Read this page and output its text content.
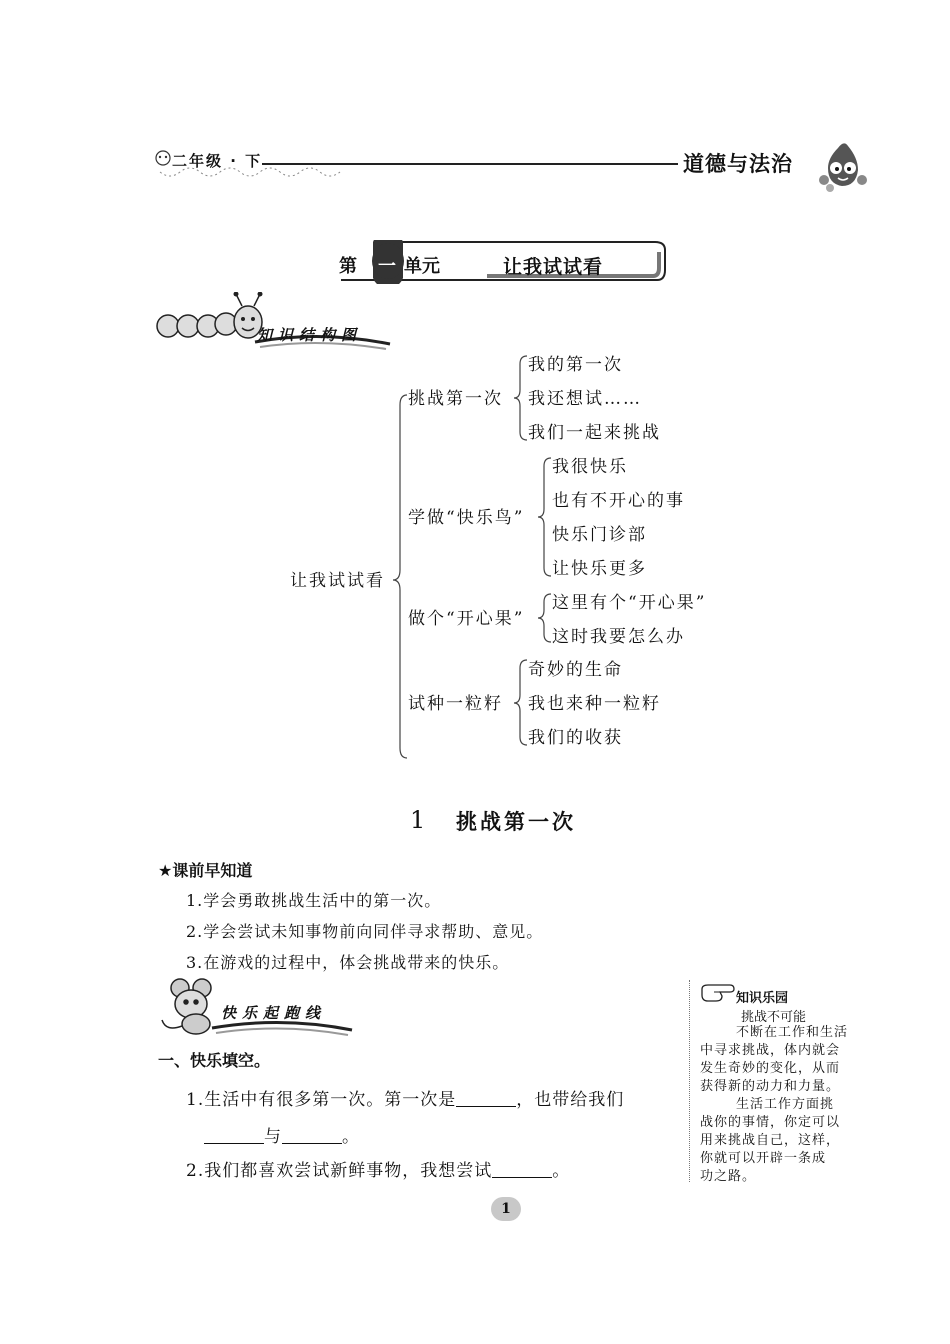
二年级 · 下	道德与法治
第	一 单元	让我试试看
知识结构图
让我试试看
挑战第一次
我的第一次
我还想试……
我们一起来挑战
学做“快乐鸟”
我很快乐
也有不开心的事
快乐门诊部
让快乐更多
做个“开心果”
这里有个“开心果”
这时我要怎么办
试种一粒籽
奇妙的生命
我也来种一粒籽
我们的收获
1 挑战第一次
★课前早知道
1.学会勇敢挑战生活中的第一次。
2.学会尝试未知事物前向同伴寻求帮助、意见。
3.在游戏的过程中，体会挑战带来的快乐。
快乐起跑线
一、快乐填空。
1.生活中有很多第一次。第一次是	，也带给我们
与	。
2.我们都喜欢尝试新鲜事物，我想尝试	。
知识乐园
挑战不可能
不断在工作和生活
中寻求挑战，体内就会
发生奇妙的变化，从而
获得新的动力和力量。
生活工作方面挑
战你的事情，你定可以
用来挑战自己，这样，
你就可以开辟一条成
功之路。
1
